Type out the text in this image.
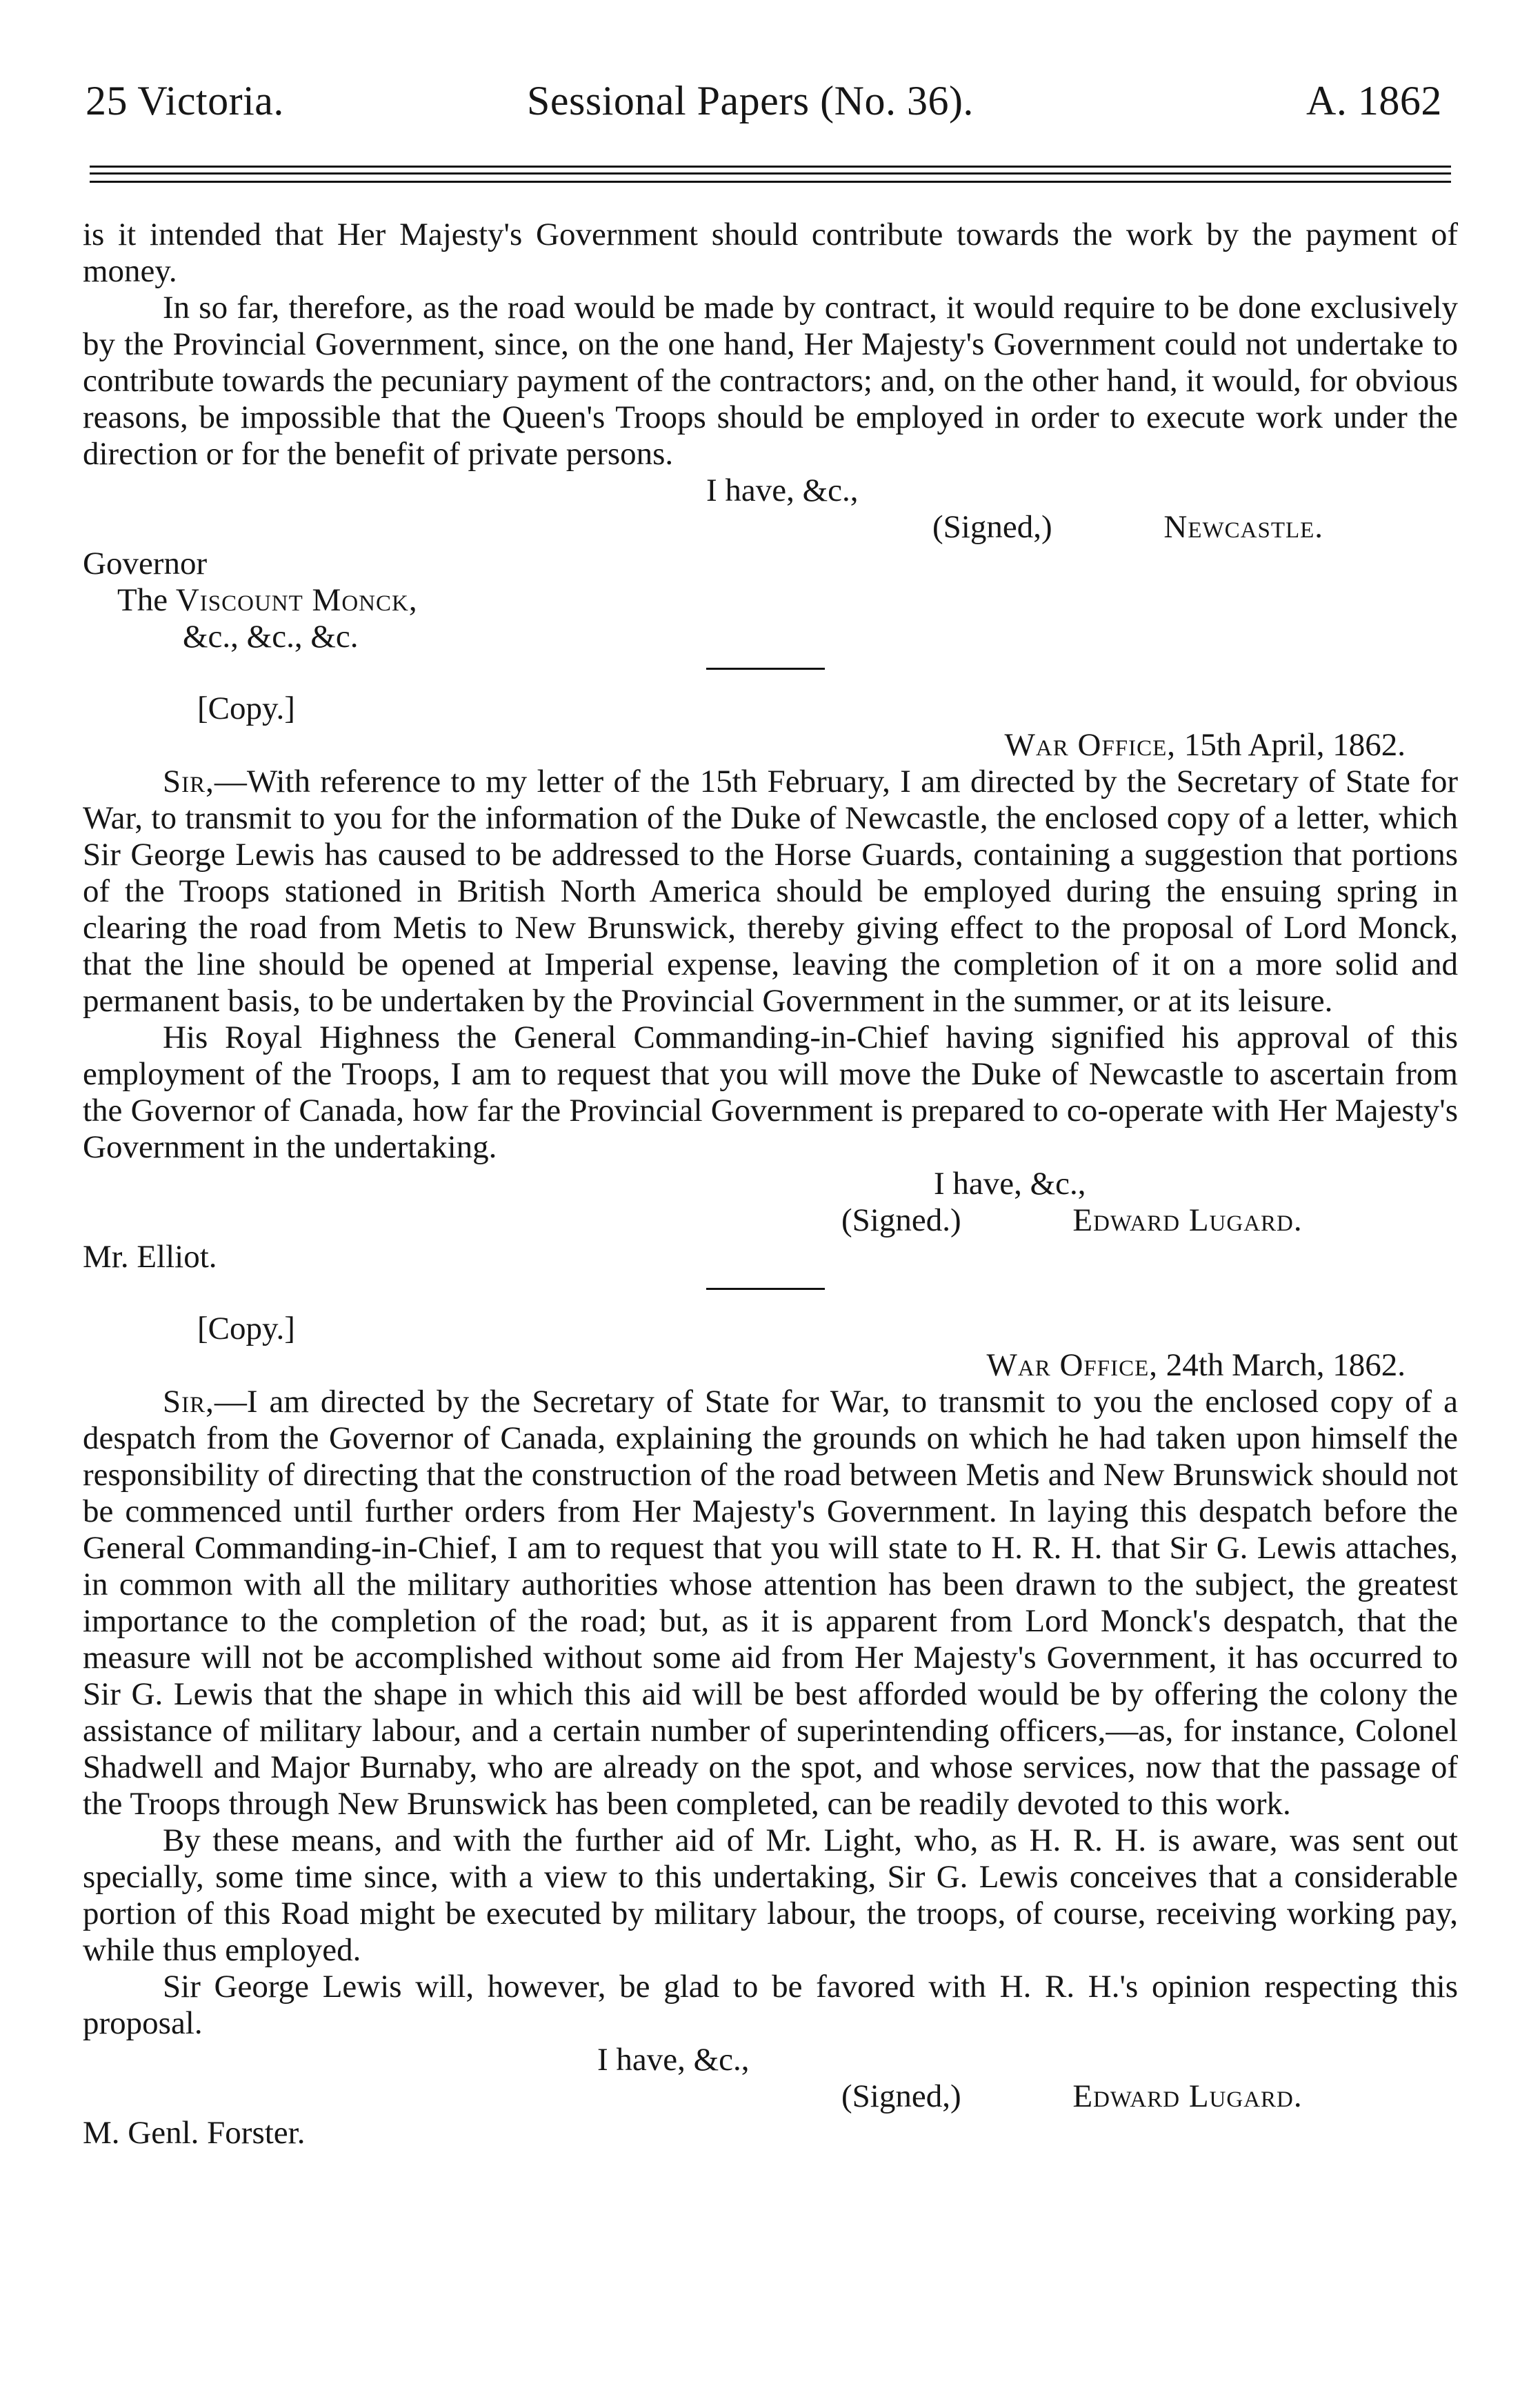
25 Victoria.	Sessional Papers (No. 36).	A. 1862

is it intended that Her Majesty's Government should contribute towards the work by the payment of money.

In so far, therefore, as the road would be made by contract, it would require to be done exclusively by the Provincial Government, since, on the one hand, Her Majesty's Government could not undertake to contribute towards the pecuniary payment of the contractors; and, on the other hand, it would, for obvious reasons, be impossible that the Queen's Troops should be employed in order to execute work under the direction or for the benefit of private persons.

I have, &c.,
(Signed,)	Newcastle.
Governor
The Viscount Monck,
&c., &c., &c.
[Copy.]
War Office, 15th April, 1862.

Sir,—With reference to my letter of the 15th February, I am directed by the Secretary of State for War, to transmit to you for the information of the Duke of Newcastle, the enclosed copy of a letter, which Sir George Lewis has caused to be addressed to the Horse Guards, containing a suggestion that portions of the Troops stationed in British North America should be employed during the ensuing spring in clearing the road from Metis to New Brunswick, thereby giving effect to the proposal of Lord Monck, that the line should be opened at Imperial expense, leaving the completion of it on a more solid and permanent basis, to be undertaken by the Provincial Government in the summer, or at its leisure.

His Royal Highness the General Commanding-in-Chief having signified his approval of this employment of the Troops, I am to request that you will move the Duke of Newcastle to ascertain from the Governor of Canada, how far the Provincial Government is prepared to co-operate with Her Majesty's Government in the undertaking.

I have, &c.,
(Signed.)	Edward Lugard.
Mr. Elliot.
[Copy.]
War Office, 24th March, 1862.

Sir,—I am directed by the Secretary of State for War, to transmit to you the enclosed copy of a despatch from the Governor of Canada, explaining the grounds on which he had taken upon himself the responsibility of directing that the construction of the road between Metis and New Brunswick should not be commenced until further orders from Her Majesty's Government. In laying this despatch before the General Commanding-in-Chief, I am to request that you will state to H. R. H. that Sir G. Lewis attaches, in common with all the military authorities whose attention has been drawn to the subject, the greatest importance to the completion of the road; but, as it is apparent from Lord Monck's despatch, that the measure will not be accomplished without some aid from Her Majesty's Government, it has occurred to Sir G. Lewis that the shape in which this aid will be best afforded would be by offering the colony the assistance of military labour, and a certain number of superintending officers,—as, for instance, Colonel Shadwell and Major Burnaby, who are already on the spot, and whose services, now that the passage of the Troops through New Brunswick has been completed, can be readily devoted to this work.

By these means, and with the further aid of Mr. Light, who, as H. R. H. is aware, was sent out specially, some time since, with a view to this undertaking, Sir G. Lewis conceives that a considerable portion of this Road might be executed by military labour, the troops, of course, receiving working pay, while thus employed.

Sir George Lewis will, however, be glad to be favored with H. R. H.'s opinion respecting this proposal.

I have, &c.,
(Signed,)	Edward Lugard.
M. Genl. Forster.
